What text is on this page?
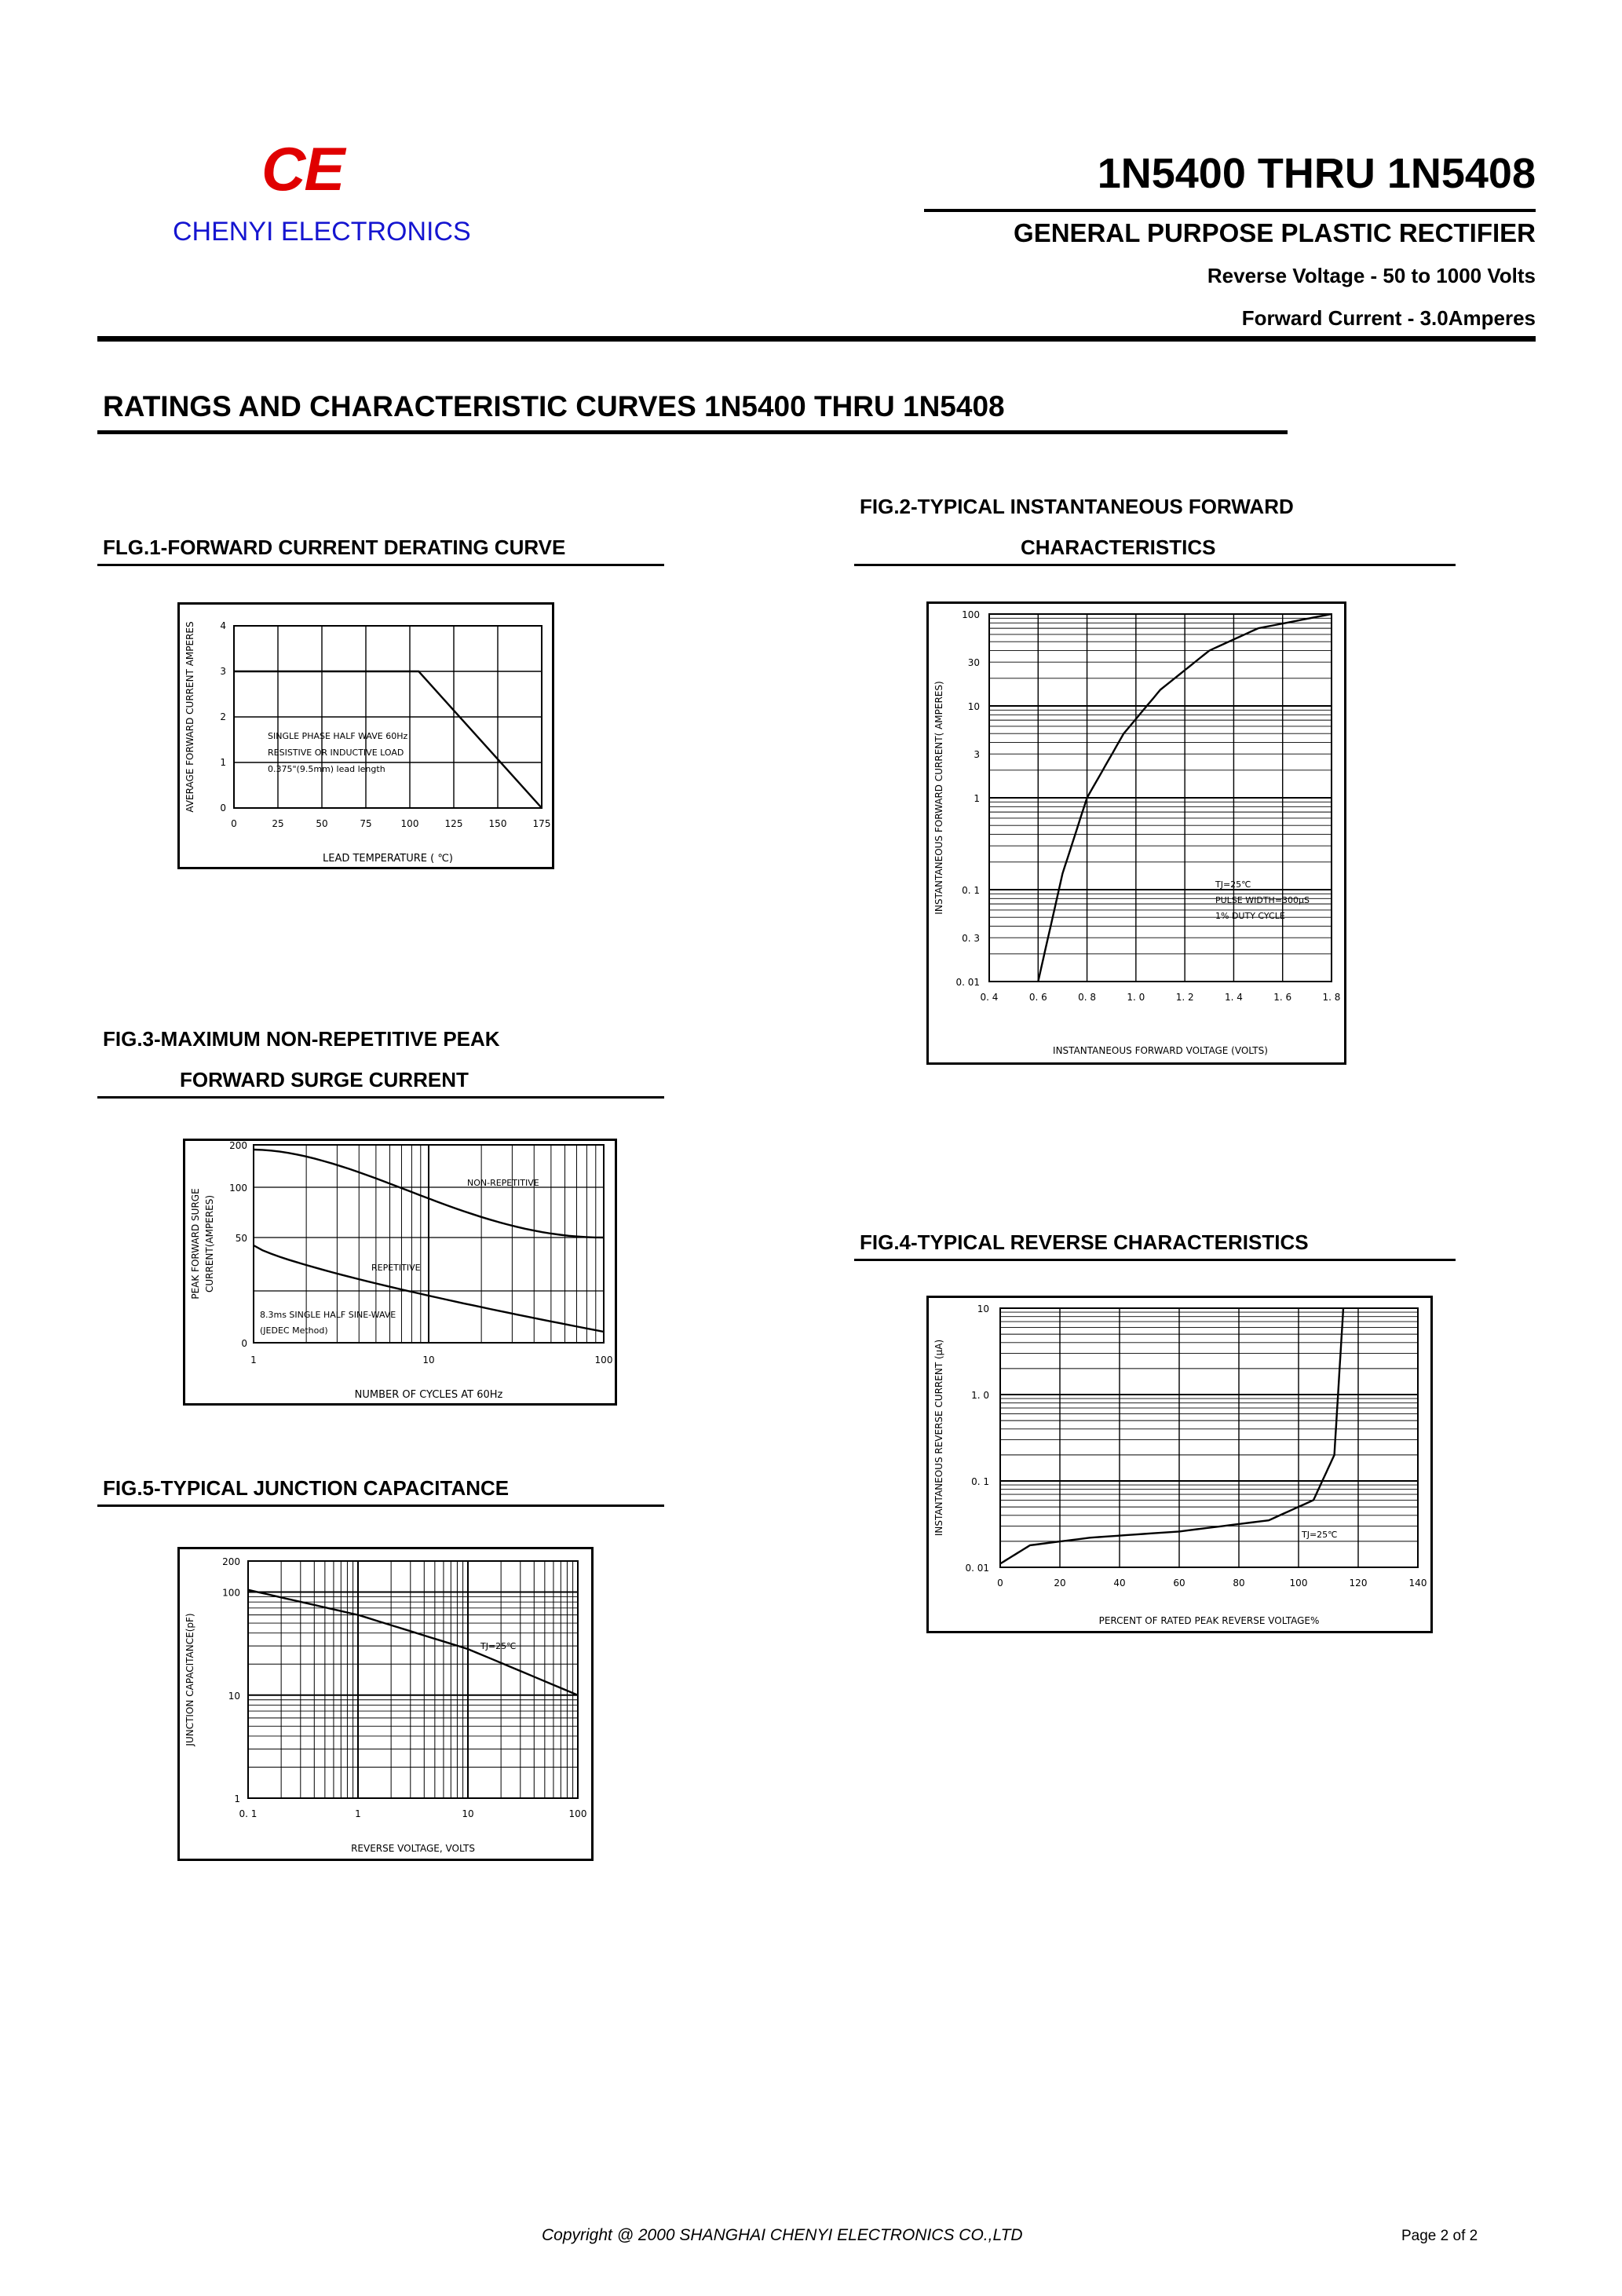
CE
CHENYI ELECTRONICS
1N5400 THRU 1N5408
GENERAL PURPOSE PLASTIC RECTIFIER
Reverse Voltage - 50 to 1000 Volts
Forward Current - 3.0Amperes
RATINGS AND CHARACTERISTIC CURVES 1N5400 THRU 1N5408
FLG.1-FORWARD CURRENT DERATING CURVE
FIG.2-TYPICAL INSTANTANEOUS FORWARD
CHARACTERISTICS
FIG.3-MAXIMUM NON-REPETITIVE PEAK
FORWARD SURGE CURRENT
FIG.4-TYPICAL REVERSE CHARACTERISTICS
FIG.5-TYPICAL JUNCTION CAPACITANCE
0	25	50	75	100	125	150	175
0
1
2
3
4
LEAD TEMPERATURE ( ℃)
AVERAGE FORWARD CURRENT AMPERES	SINGLE PHASE HALF WAVE 60Hz
RESISTIVE OR INDUCTIVE LOAD
0.375"(9.5mm) lead length
0. 4	0. 6	0. 8	1. 0	1. 2	1. 4	1. 6	1. 8
100
30
10
3
1
0. 1
0. 3
0. 01
INSTANTANEOUS FORWARD VOLTAGE (VOLTS)
INSTANTANEOUS FORWARD CURRENT( AMPERES)	TJ=25℃
PULSE WIDTH=300μS
1% DUTY CYCLE
1	10	100
200
100
50
0
NUMBER OF CYCLES AT 60Hz
PEAK FORWARD SURGE CURRENT(AMPERES)
NON-REPETITIVE
REPETITIVE
8.3ms SINGLE HALF SINE-WAVE
(JEDEC Method)
0	20	40	60	80	100	120	140
10
1. 0
0. 1
0. 01
PERCENT OF RATED PEAK REVERSE VOLTAGE%
INSTANTANEOUS REVERSE CURRENT (μA)	TJ=25℃
0. 1	1	10	100
200
100
10
1
REVERSE VOLTAGE, VOLTS
JUNCTION CAPACITANCE(pF)	TJ=25℃
Copyright @ 2000 SHANGHAI CHENYI ELECTRONICS CO.,LTD	Page 2 of 2
